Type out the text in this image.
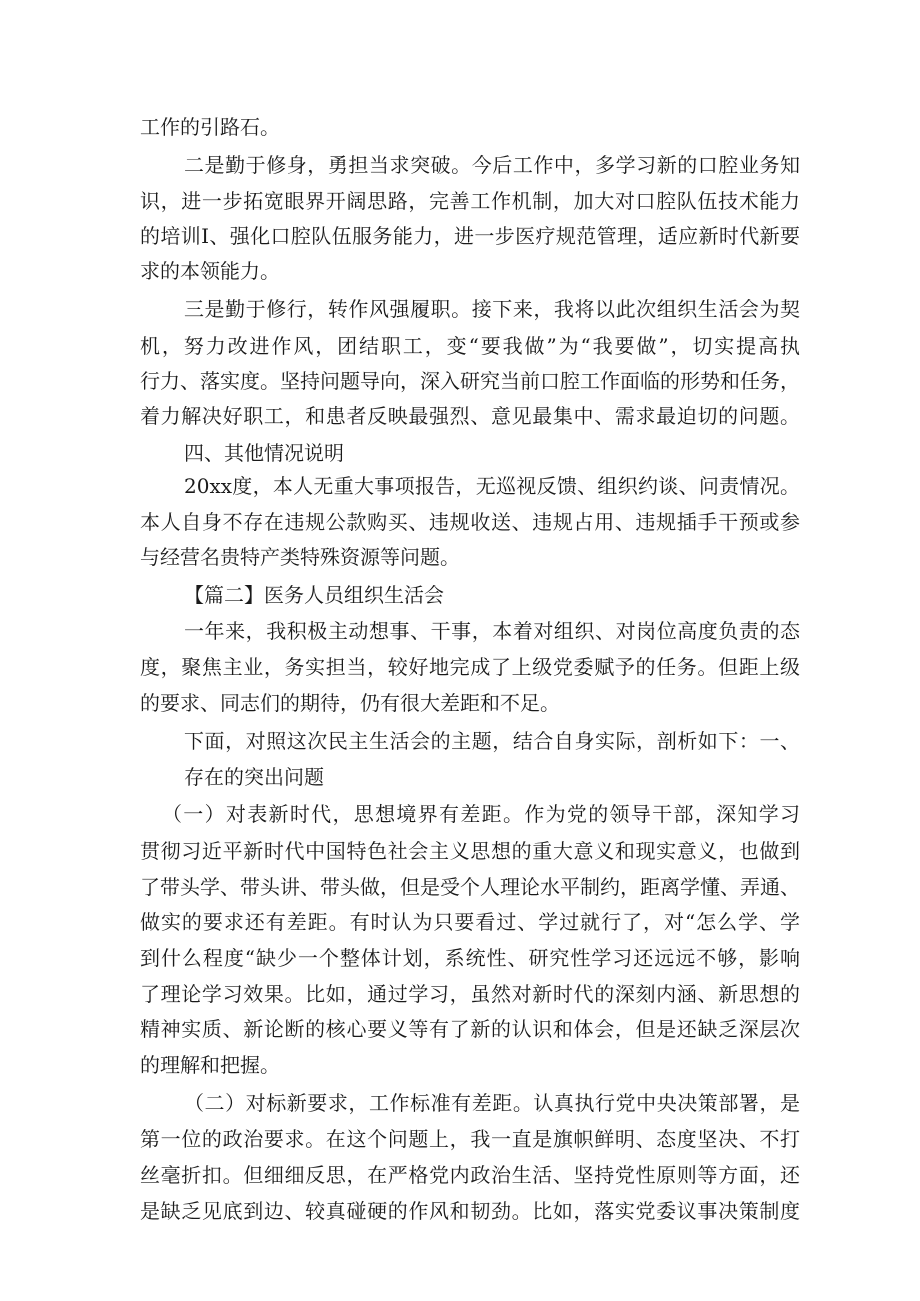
工作的引路石。
二是勤于修身，勇担当求突破。今后工作中，多学习新的口腔业务知
识，进一步拓宽眼界开阔思路，完善工作机制，加大对口腔队伍技术能力
的培训Ⅰ、强化口腔队伍服务能力，进一步医疗规范管理，适应新时代新要
求的本领能力。
三是勤于修行，转作风强履职。接下来，我将以此次组织生活会为契
机，努力改进作风，团结职工，变“要我做”为“我要做”，切实提高执
行力、落实度。坚持问题导向，深入研究当前口腔工作面临的形势和任务，
着力解决好职工，和患者反映最强烈、意见最集中、需求最迫切的问题。
四、其他情况说明
20xx度，本人无重大事项报告，无巡视反馈、组织约谈、问责情况。
本人自身不存在违规公款购买、违规收送、违规占用、违规插手干预或参
与经营名贵特产类特殊资源等问题。
【篇二】医务人员组织生活会
一年来，我积极主动想事、干事，本着对组织、对岗位高度负责的态
度，聚焦主业，务实担当，较好地完成了上级党委赋予的任务。但距上级
的要求、同志们的期待，仍有很大差距和不足。
下面，对照这次民主生活会的主题，结合自身实际，剖析如下：一、
存在的突出问题
（一）对表新时代，思想境界有差距。作为党的领导干部，深知学习
贯彻习近平新时代中国特色社会主义思想的重大意义和现实意义，也做到
了带头学、带头讲、带头做，但是受个人理论水平制约，距离学懂、弄通、
做实的要求还有差距。有时认为只要看过、学过就行了，对“怎么学、学
到什么程度“缺少一个整体计划，系统性、研究性学习还远远不够，影响
了理论学习效果。比如，通过学习，虽然对新时代的深刻内涵、新思想的
精神实质、新论断的核心要义等有了新的认识和体会，但是还缺乏深层次
的理解和把握。
（二）对标新要求，工作标准有差距。认真执行党中央决策部署，是
第一位的政治要求。在这个问题上，我一直是旗帜鲜明、态度坚决、不打
丝毫折扣。但细细反思，在严格党内政治生活、坚持党性原则等方面，还
是缺乏见底到边、较真碰硬的作风和韧劲。比如，落实党委议事决策制度
